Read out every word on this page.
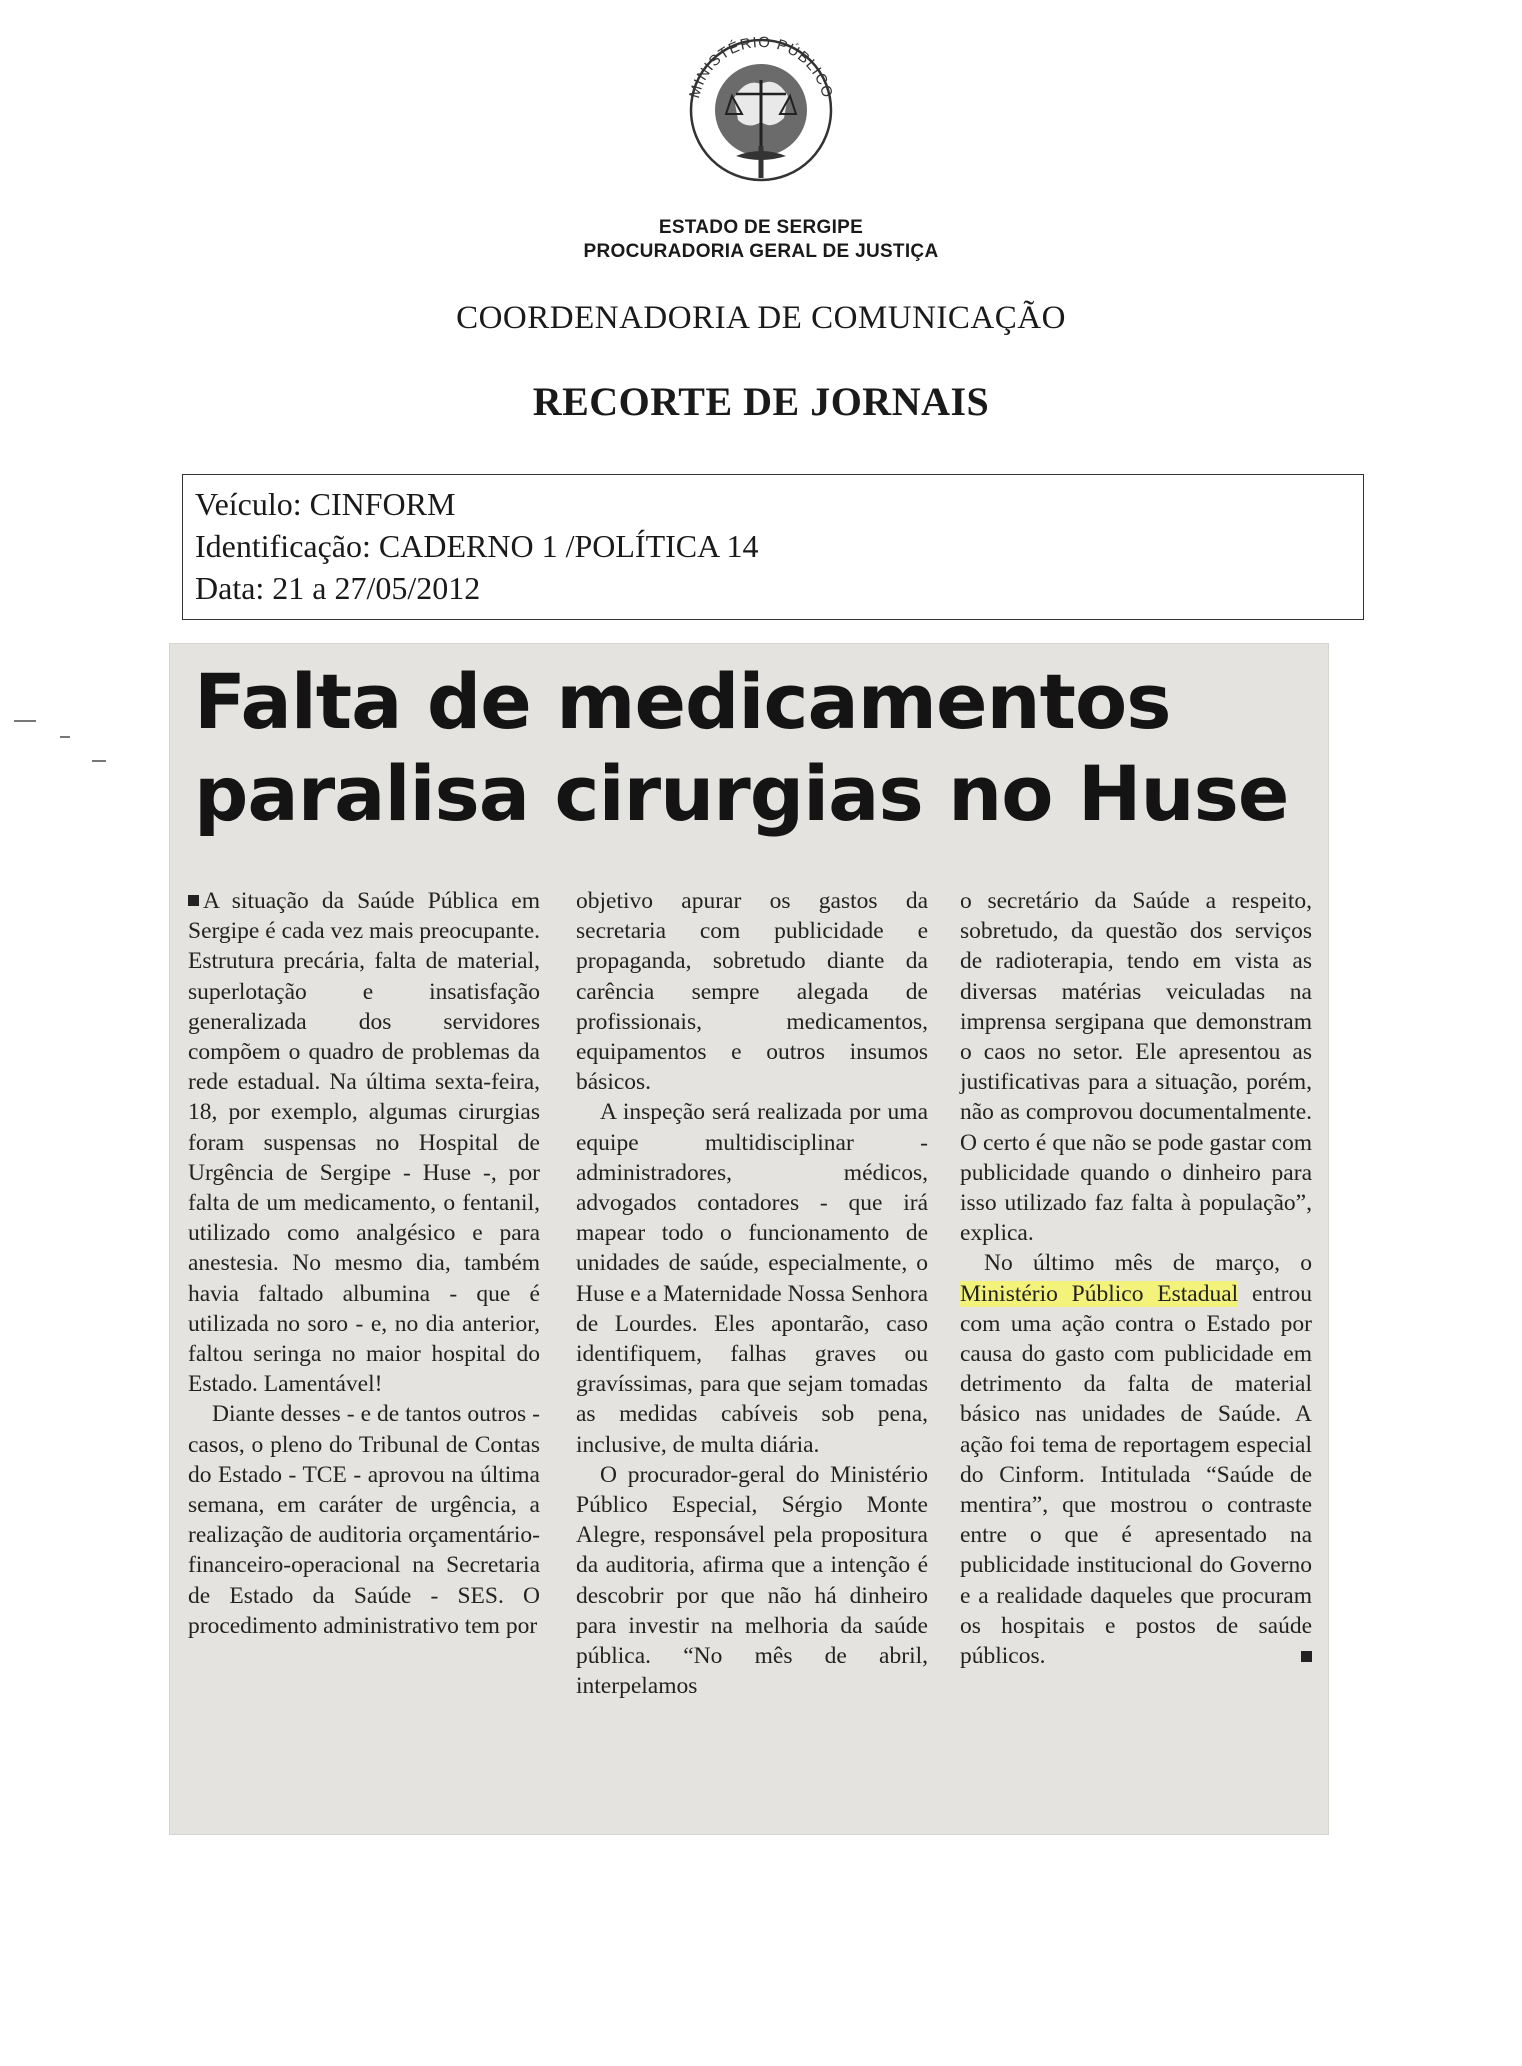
MINISTÉRIO PÚBLICO
ESTADO DE SERGIPE
PROCURADORIA GERAL DE JUSTIÇA
COORDENADORIA DE COMUNICAÇÃO
RECORTE DE JORNAIS
Veículo: CINFORM
Identificação: CADERNO 1 /POLÍTICA 14
Data: 21 a 27/05/2012
Falta de medicamentos
paralisa cirurgias no Huse

A situação da Saúde Pública em Sergipe é cada vez mais preocupante. Estrutura precária, falta de material, superlotação e insatisfação generalizada dos servidores compõem o quadro de problemas da rede estadual. Na última sexta-feira, 18, por exemplo, algumas cirurgias foram suspensas no Hospital de Urgência de Sergipe - Huse -, por falta de um medicamento, o fentanil, utilizado como analgésico e para anestesia. No mesmo dia, também havia faltado albumina - que é utilizada no soro - e, no dia anterior, faltou seringa no maior hospital do Estado. Lamentável!

Diante desses - e de tantos outros - casos, o pleno do Tribunal de Contas do Estado - TCE - aprovou na última semana, em caráter de urgência, a realização de auditoria orçamentário-financeiro-operacional na Secretaria de Estado da Saúde - SES. O procedimento administrativo tem por

objetivo apurar os gastos da secretaria com publicidade e propaganda, sobretudo diante da carência sempre alegada de profissionais, medicamentos, equipamentos e outros insumos básicos.

A inspeção será realizada por uma equipe multidisciplinar - administradores, médicos, advogados contadores - que irá mapear todo o funcionamento de unidades de saúde, especialmente, o Huse e a Maternidade Nossa Senhora de Lourdes. Eles apontarão, caso identifiquem, falhas graves ou gravíssimas, para que sejam tomadas as medidas cabíveis sob pena, inclusive, de multa diária.

O procurador-geral do Ministério Público Especial, Sérgio Monte Alegre, responsável pela propositura da auditoria, afirma que a intenção é descobrir por que não há dinheiro para investir na melhoria da saúde pública. “No mês de abril, interpelamos

o secretário da Saúde a respeito, sobretudo, da questão dos serviços de radioterapia, tendo em vista as diversas matérias veiculadas na imprensa sergipana que demonstram o caos no setor. Ele apresentou as justificativas para a situação, porém, não as comprovou documentalmente. O certo é que não se pode gastar com publicidade quando o dinheiro para isso utilizado faz falta à população”, explica.

No último mês de março, o Ministério Público Estadual entrou com uma ação contra o Estado por causa do gasto com publicidade em detrimento da falta de material básico nas unidades de Saúde. A ação foi tema de reportagem especial do Cinform. Intitulada “Saúde de mentira”, que mostrou o contraste entre o que é apresentado na publicidade institucional do Governo e a realidade daqueles que procuram os hospitais e postos de saúde públicos.
